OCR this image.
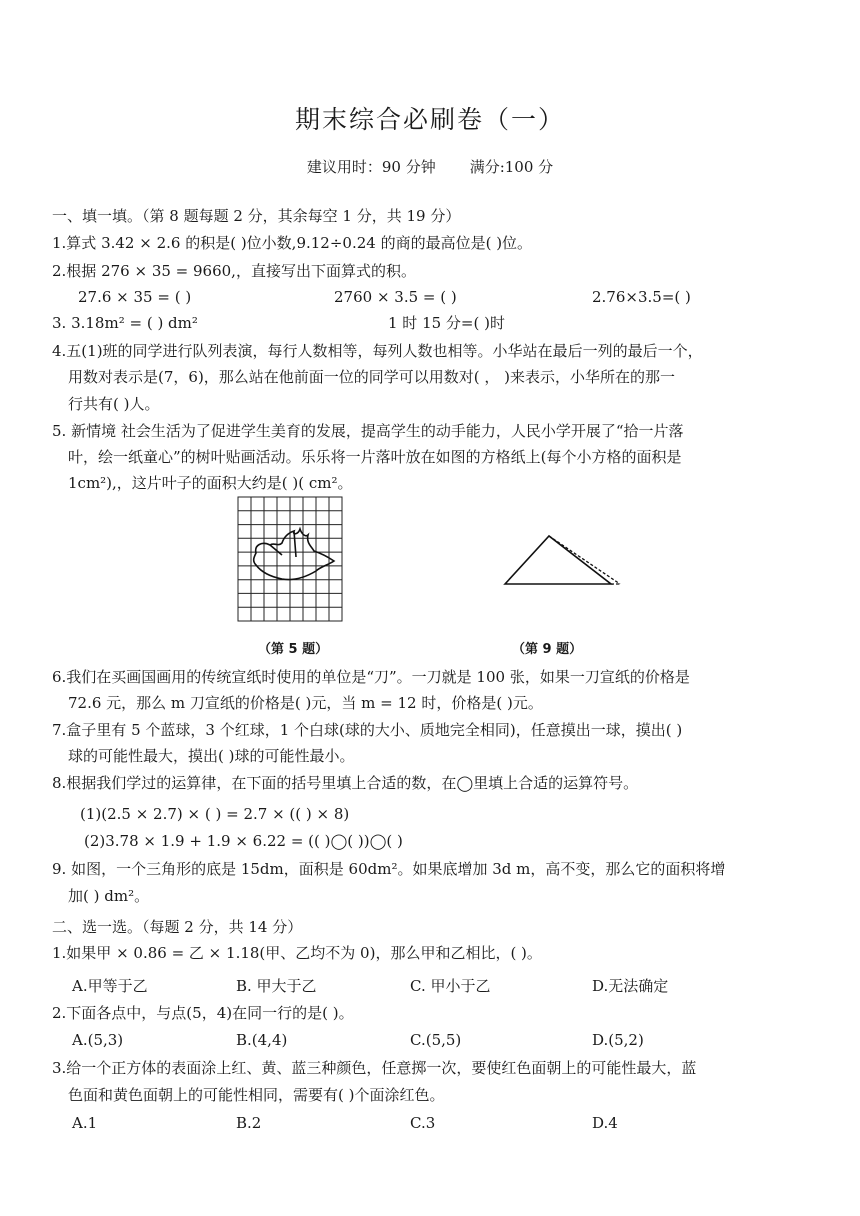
期末综合必刷卷（一）
建议用时：90 分钟 满分:100 分
一、填一填。（第 8 题每题 2 分，其余每空 1 分，共 19 分）
1.算式 3.42 × 2.6 的积是( )位小数,9.12÷0.24 的商的最高位是( )位。
2.根据 276 × 35 = 9660,，直接写出下面算式的积。
27.6 × 35 = ( )	2760 × 3.5 = ( )	2.76×3.5=( )
3. 3.18m² = ( ) dm²	1 时 15 分=( )时
4.五(1)班的同学进行队列表演，每行人数相等，每列人数也相等。小华站在最后一列的最后一个，
用数对表示是(7，6)，那么站在他前面一位的同学可以用数对( ， )来表示，小华所在的那一
行共有( )人。
5. 新情境 社会生活为了促进学生美育的发展，提高学生的动手能力，人民小学开展了“拾一片落
叶，绘一纸童心”的树叶贴画活动。乐乐将一片落叶放在如图的方格纸上(每个小方格的面积是
1cm²),，这片叶子的面积大约是( )( cm²。
（第 5 题）	（第 9 题）
6.我们在买画国画用的传统宣纸时使用的单位是“刀”。一刀就是 100 张，如果一刀宣纸的价格是
72.6 元，那么 m 刀宣纸的价格是( )元，当 m = 12 时，价格是( )元。
7.盒子里有 5 个蓝球，3 个红球，1 个白球(球的大小、质地完全相同)，任意摸出一球，摸出( )
球的可能性最大，摸出( )球的可能性最小。
8.根据我们学过的运算律，在下面的括号里填上合适的数，在◯里填上合适的运算符号。
(1)(2.5 × 2.7) × ( ) = 2.7 × (( ) × 8)
(2)3.78 × 1.9 + 1.9 × 6.22 = (( )◯( ))◯( )
9. 如图，一个三角形的底是 15dm，面积是 60dm²。如果底增加 3d m，高不变，那么它的面积将增
加( ) dm²。
二、选一选。（每题 2 分，共 14 分）
1.如果甲 × 0.86 = 乙 × 1.18(甲、乙均不为 0)，那么甲和乙相比，( )。
A.甲等于乙	B. 甲大于乙	C. 甲小于乙	D.无法确定
2.下面各点中，与点(5，4)在同一行的是( )。
A.(5,3)	B.(4,4)	C.(5,5)	D.(5,2)
3.给一个正方体的表面涂上红、黄、蓝三种颜色，任意掷一次，要使红色面朝上的可能性最大，蓝
色面和黄色面朝上的可能性相同，需要有( )个面涂红色。
A.1	B.2	C.3	D.4
